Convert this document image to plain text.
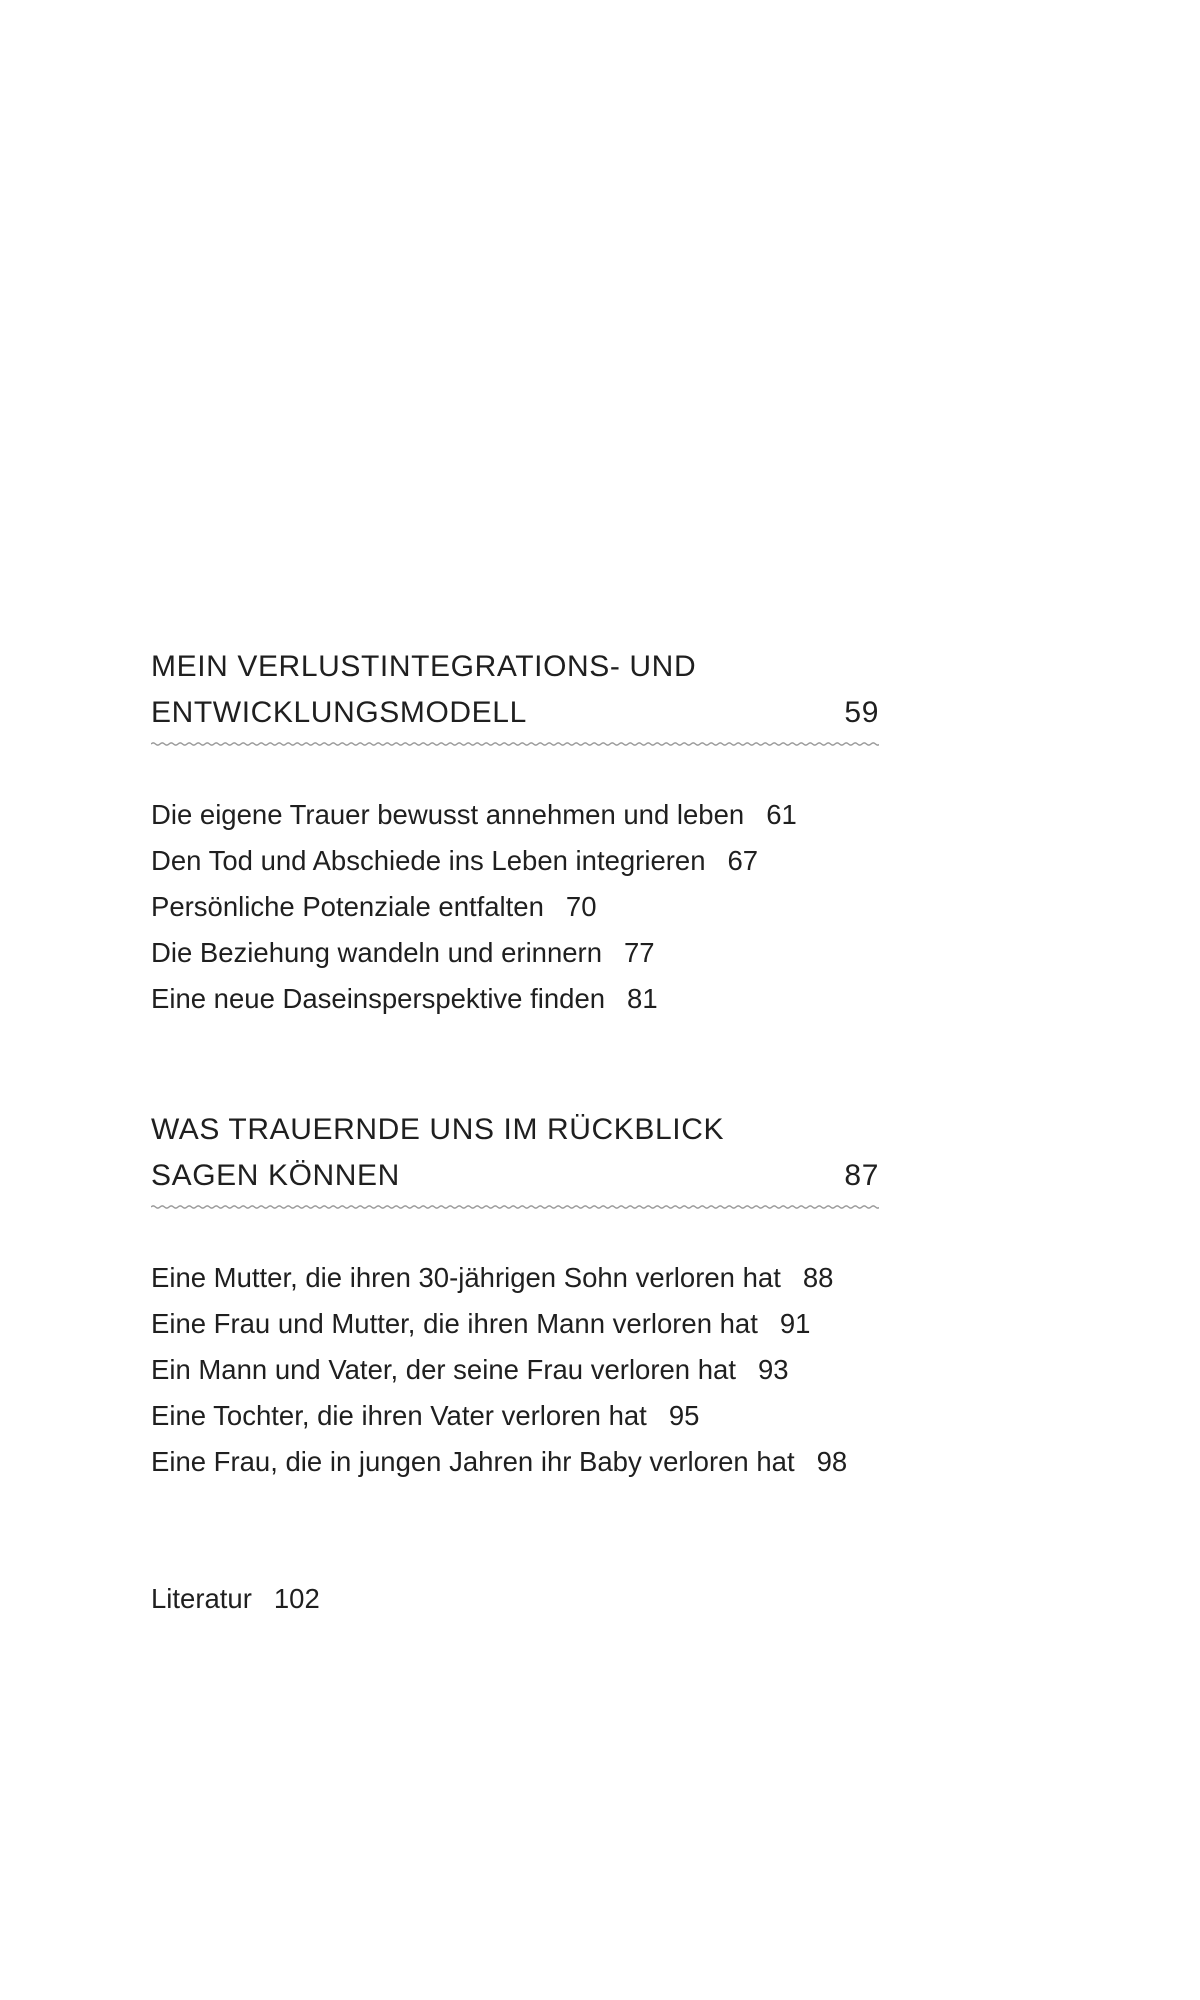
MEIN VERLUSTINTEGRATIONS- UND
ENTWICKLUNGSMODELL	59
Die eigene Trauer bewusst annehmen und leben 61
Den Tod und Abschiede ins Leben integrieren 67
Persönliche Potenziale entfalten 70
Die Beziehung wandeln und erinnern 77
Eine neue Daseinsperspektive finden 81
WAS TRAUERNDE UNS IM RÜCKBLICK
SAGEN KÖNNEN	87
Eine Mutter, die ihren 30-jährigen Sohn verloren hat 88
Eine Frau und Mutter, die ihren Mann verloren hat 91
Ein Mann und Vater, der seine Frau verloren hat 93
Eine Tochter, die ihren Vater verloren hat 95
Eine Frau, die in jungen Jahren ihr Baby verloren hat 98
Literatur 102
